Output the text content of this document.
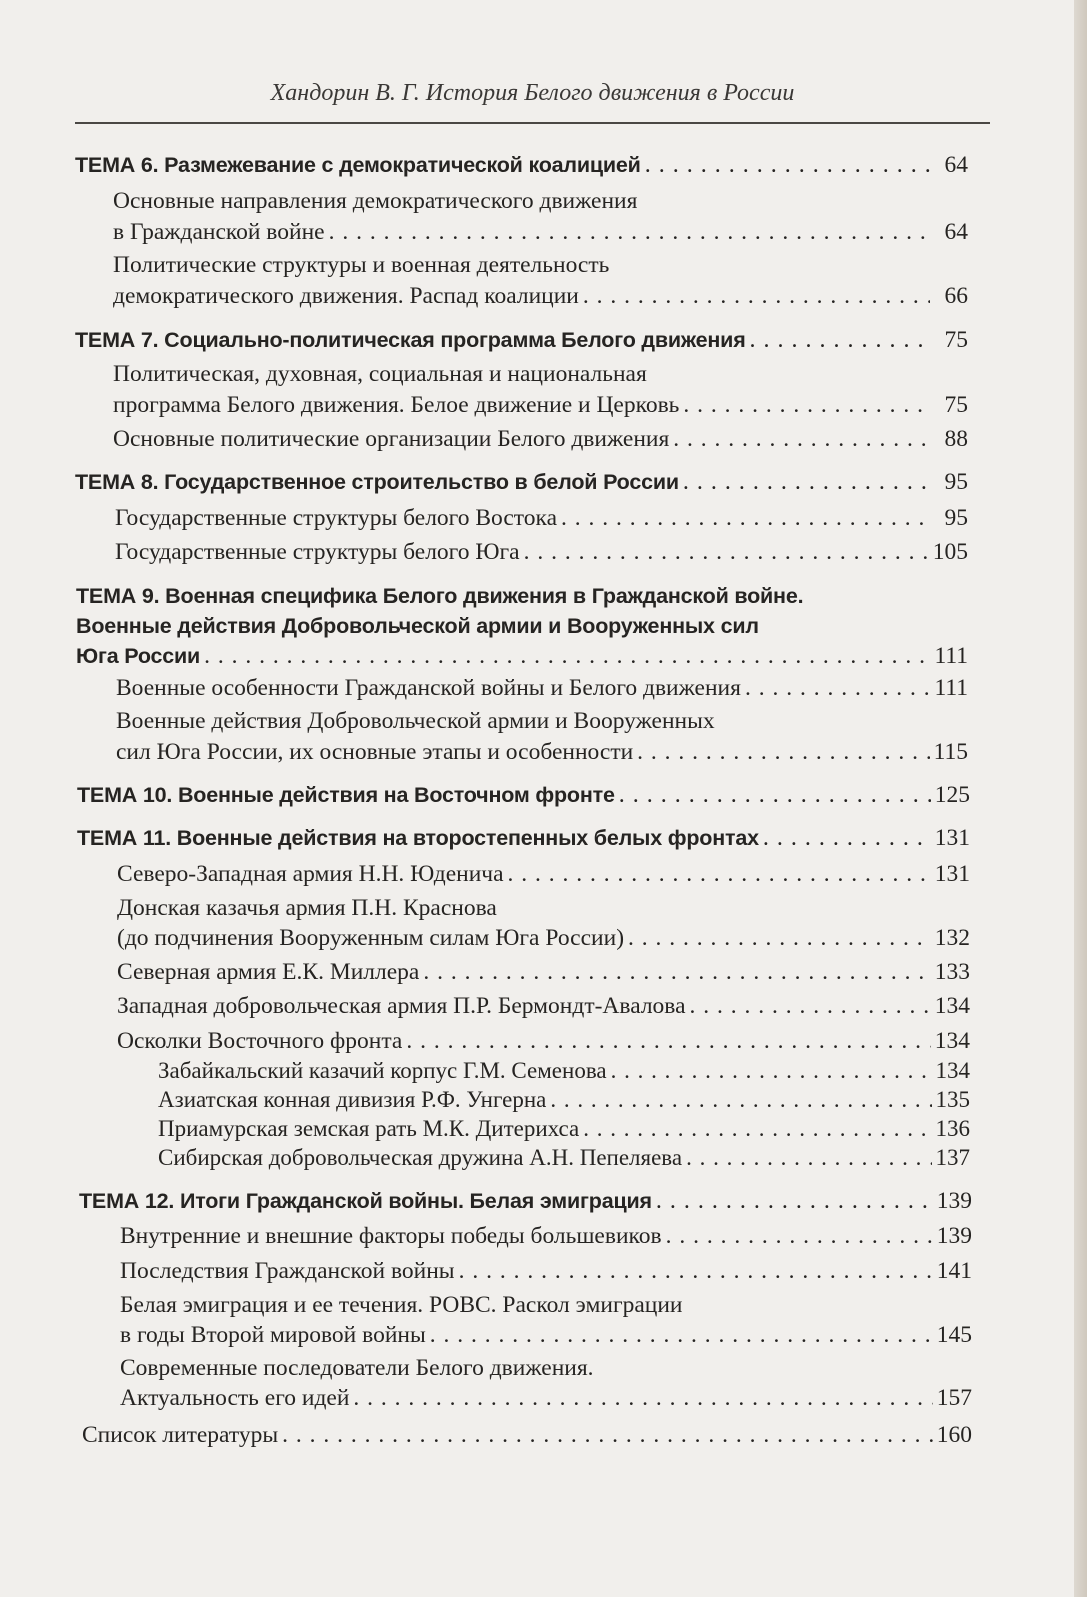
Хандорин В. Г. История Белого движения в России
ТЕМА 6. Размежевание с демократической коалицией . . .	64
Основные направления демократического движения
в Гражданской войне . . .	64
Политические структуры и военная деятельность
демократического движения. Распад коалиции . . .	66
ТЕМА 7. Социально-политическая программа Белого движения . . .	75
Политическая, духовная, социальная и национальная
программа Белого движения. Белое движение и Церковь . . .	75
Основные политические организации Белого движения . . .	88
ТЕМА 8. Государственное строительство в белой России . . .	95
Государственные структуры белого Востока . . .	95
Государственные структуры белого Юга . . .	105
ТЕМА 9. Военная специфика Белого движения в Гражданской войне.
Военные действия Добровольческой армии и Вооруженных сил
Юга России . . .	111
Военные особенности Гражданской войны и Белого движения . . .	111
Военные действия Добровольческой армии и Вооруженных
сил Юга России, их основные этапы и особенности . . .	115
ТЕМА 10. Военные действия на Восточном фронте . . .	125
ТЕМА 11. Военные действия на второстепенных белых фронтах . . .	131
Северо-Западная армия Н.Н. Юденича . . .	131
Донская казачья армия П.Н. Краснова
(до подчинения Вооруженным силам Юга России) . . .	132
Северная армия Е.К. Миллера . . .	133
Западная добровольческая армия П.Р. Бермондт-Авалова . . .	134
Осколки Восточного фронта . . .	134
Забайкальский казачий корпус Г.М. Семенова . . .	134
Азиатская конная дивизия Р.Ф. Унгерна . . .	135
Приамурская земская рать М.К. Дитерихса . . .	136
Сибирская добровольческая дружина А.Н. Пепеляева . . .	137
ТЕМА 12. Итоги Гражданской войны. Белая эмиграция . . .	139
Внутренние и внешние факторы победы большевиков . . .	139
Последствия Гражданской войны . . .	141
Белая эмиграция и ее течения. РОВС. Раскол эмиграции
в годы Второй мировой войны . . .	145
Современные последователи Белого движения.
Актуальность его идей . . .	157
Список литературы . . .	160
